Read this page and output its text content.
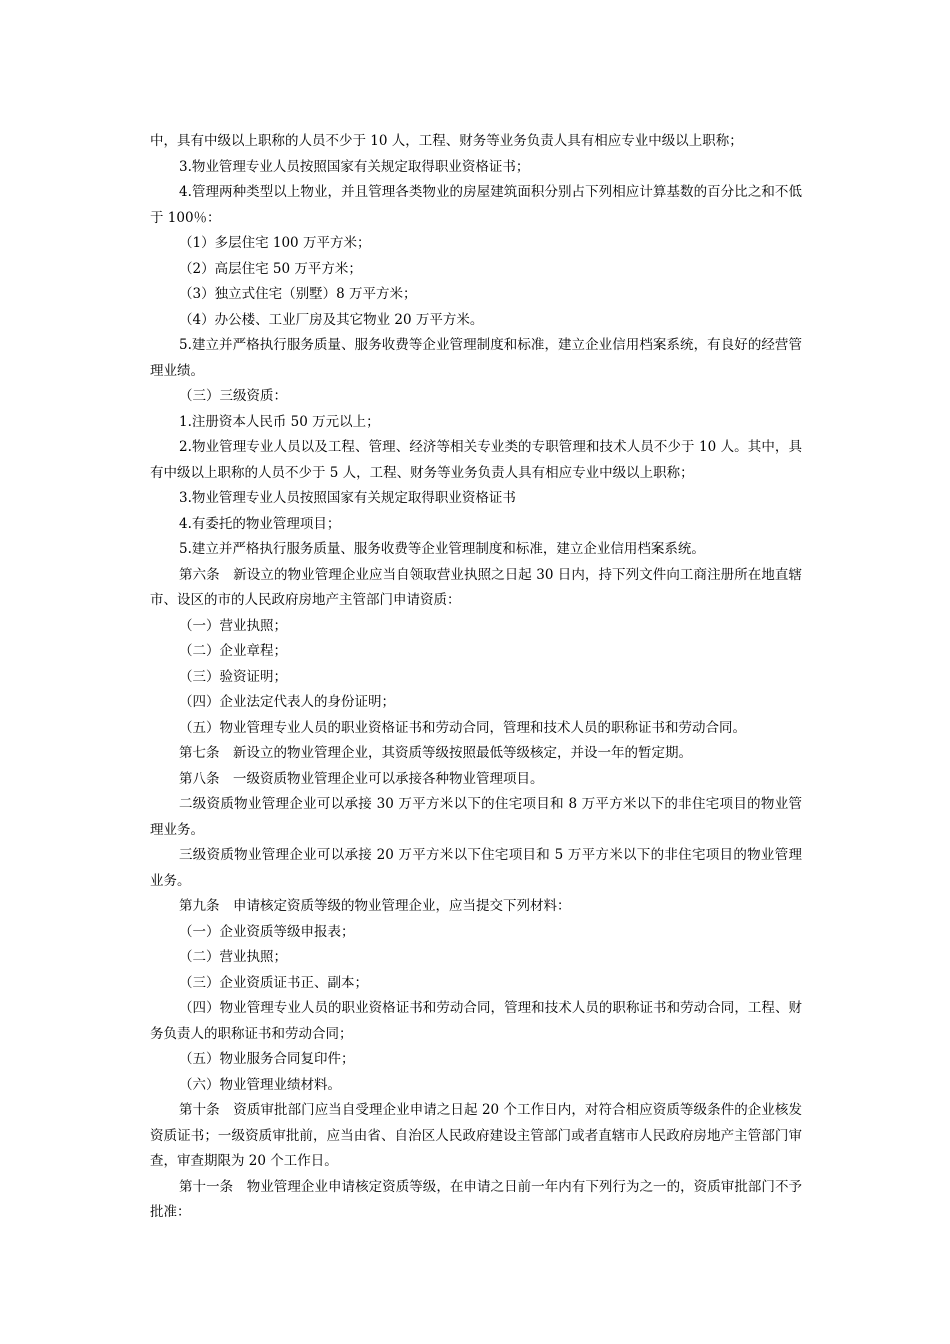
中，具有中级以上职称的人员不少于 10 人，工程、财务等业务负责人具有相应专业中级以上职称；

3.物业管理专业人员按照国家有关规定取得职业资格证书；

4.管理两种类型以上物业，并且管理各类物业的房屋建筑面积分别占下列相应计算基数的百分比之和不低于 100％：

（1）多层住宅 100 万平方米；

（2）高层住宅 50 万平方米；

（3）独立式住宅（别墅）8 万平方米；

（4）办公楼、工业厂房及其它物业 20 万平方米。

5.建立并严格执行服务质量、服务收费等企业管理制度和标准，建立企业信用档案系统，有良好的经营管理业绩。

（三）三级资质：

1.注册资本人民币 50 万元以上；

2.物业管理专业人员以及工程、管理、经济等相关专业类的专职管理和技术人员不少于 10 人。其中，具有中级以上职称的人员不少于 5 人，工程、财务等业务负责人具有相应专业中级以上职称；

3.物业管理专业人员按照国家有关规定取得职业资格证书

4.有委托的物业管理项目；

5.建立并严格执行服务质量、服务收费等企业管理制度和标准，建立企业信用档案系统。

第六条　新设立的物业管理企业应当自领取营业执照之日起 30 日内，持下列文件向工商注册所在地直辖市、设区的市的人民政府房地产主管部门申请资质：

（一）营业执照；

（二）企业章程；

（三）验资证明；

（四）企业法定代表人的身份证明；

（五）物业管理专业人员的职业资格证书和劳动合同，管理和技术人员的职称证书和劳动合同。

第七条　新设立的物业管理企业，其资质等级按照最低等级核定，并设一年的暂定期。

第八条　一级资质物业管理企业可以承接各种物业管理项目。

二级资质物业管理企业可以承接 30 万平方米以下的住宅项目和 8 万平方米以下的非住宅项目的物业管理业务。

三级资质物业管理企业可以承接 20 万平方米以下住宅项目和 5 万平方米以下的非住宅项目的物业管理业务。

第九条　申请核定资质等级的物业管理企业，应当提交下列材料：

（一）企业资质等级申报表；

（二）营业执照；

（三）企业资质证书正、副本；

（四）物业管理专业人员的职业资格证书和劳动合同，管理和技术人员的职称证书和劳动合同，工程、财务负责人的职称证书和劳动合同；

（五）物业服务合同复印件；

（六）物业管理业绩材料。

第十条　资质审批部门应当自受理企业申请之日起 20 个工作日内，对符合相应资质等级条件的企业核发资质证书；一级资质审批前，应当由省、自治区人民政府建设主管部门或者直辖市人民政府房地产主管部门审查，审查期限为 20 个工作日。

第十一条　物业管理企业申请核定资质等级，在申请之日前一年内有下列行为之一的，资质审批部门不予批准：
